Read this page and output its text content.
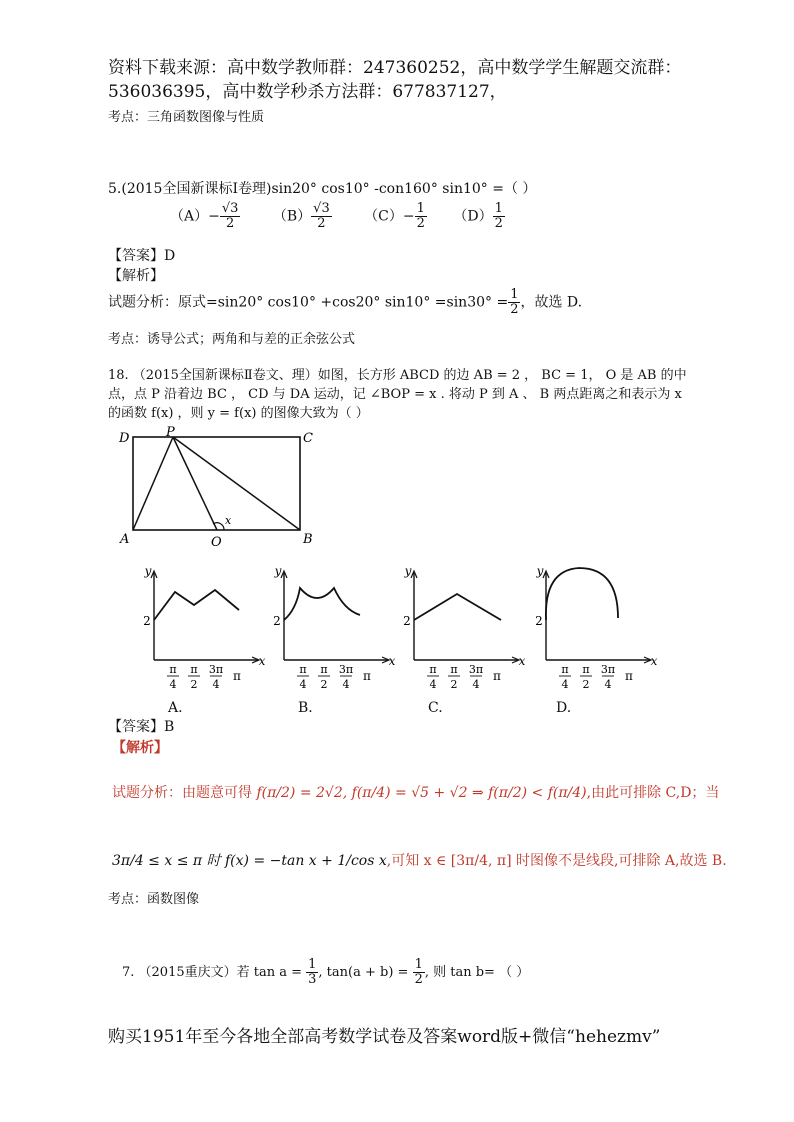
资料下载来源：高中数学教师群：247360252，高中数学学生解题交流群：
536036395，高中数学秒杀方法群：677837127，
考点：三角函数图像与性质
5.(2015全国新课标Ⅰ卷理)sin20° cos10° -con160° sin10° =（ ）
$(A)- \frac{√3}{2} (B) \frac{√3}{2} (C)- \frac{1}{2} (D) \frac{1}{2}$
【答案】D
【解析】
试题分析：原式=sin20° cos10° +cos20° $\sin 10^\circ =\sin 30^\circ = \frac{1}{2}$ ，故选 D.
考点：诱导公式；两角和与差的正余弦公式
18. （2015全国新课标Ⅱ卷文、理）如图，长方形 ABCD 的边 AB = 2 ， BC = 1， O 是 AB 的中
点，点 P 沿着边 BC ， CD 与 DA 运动，记 ∠BOP = x . 将动 P 到 A 、 B 两点距离之和表示为 x
的函数 f(x) ，则 y = f(x) 的图像大致为（ ）
D	P	C
A	O	B
x
y
x
2
π
4
π
2
3π
4
π
A.
y
x
2
π
4
π
2
3π
4
π
B.
y
x
2
π
4
π
2
3π
4
π
C.
y
x
2
π
4
π
2
3π
4
π
D.
【答案】B
【解析】
试题分析：由题意可得 f(π/2) = 2√2, f(π/4) = √5 + √2 ⇒ f(π/2) < f(π/4),由此可排除 C,D；当
3π/4 ≤ x ≤ π 时 f(x) = −tan x + 1/cos x,可知 x ∈ [3π/4, π] 时图像不是线段,可排除 A,故选 B.
考点：函数图像
7. （2015重庆文）若 $\tan a = \frac{1}{3}$ , $\tan(a + b) = \frac{1}{2}$ , 则 tan b= （ ）
购买1951年至今各地全部高考数学试卷及答案word版+微信“hehezmv”
